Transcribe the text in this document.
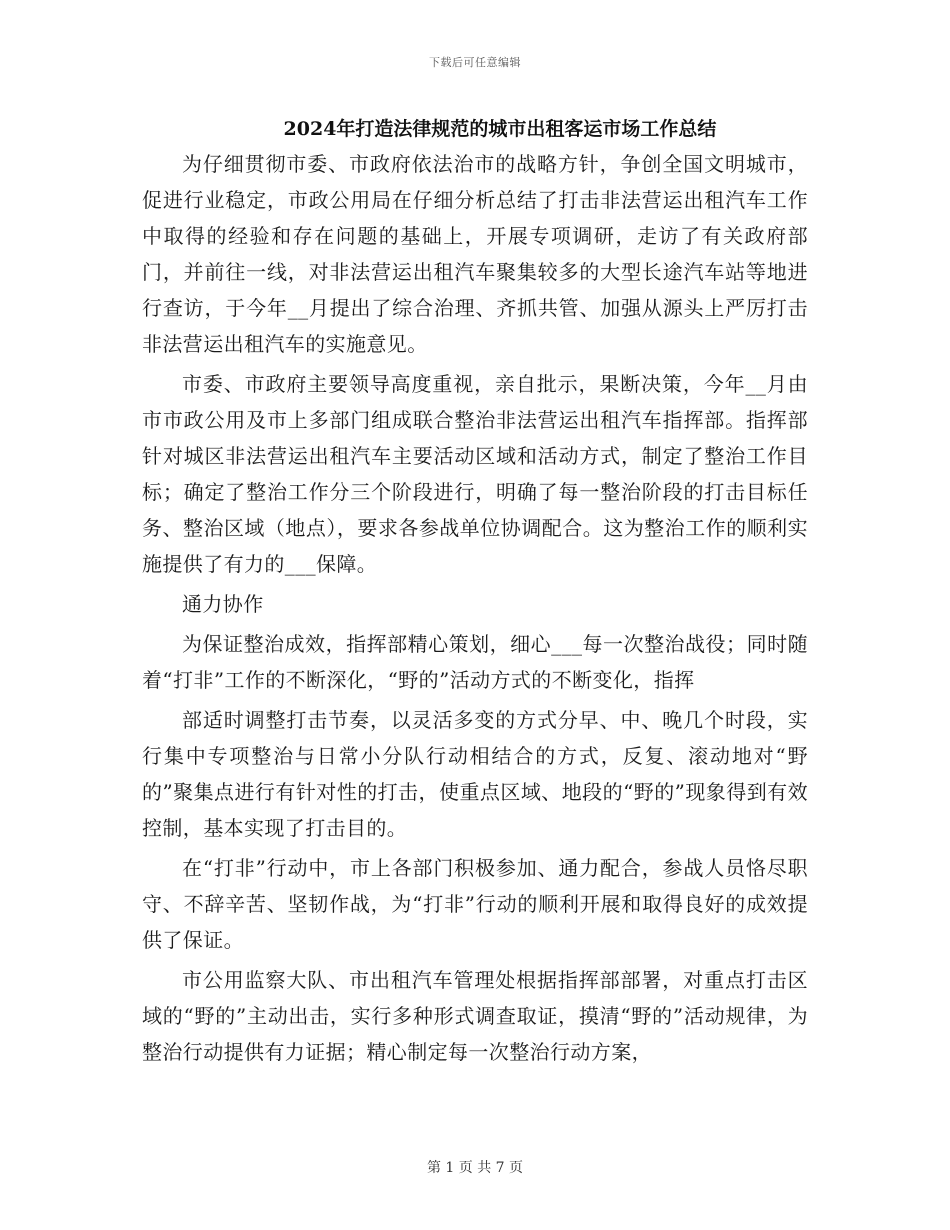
下载后可任意编辑
2024年打造法律规范的城市出租客运市场工作总结

为仔细贯彻市委、市政府依法治市的战略方针，争创全国文明城市，促进行业稳定，市政公用局在仔细分析总结了打击非法营运出租汽车工作中取得的经验和存在问题的基础上，开展专项调研，走访了有关政府部门，并前往一线，对非法营运出租汽车聚集较多的大型长途汽车站等地进行查访，于今年__月提出了综合治理、齐抓共管、加强从源头上严厉打击非法营运出租汽车的实施意见。

市委、市政府主要领导高度重视，亲自批示，果断决策，今年__月由市市政公用及市上多部门组成联合整治非法营运出租汽车指挥部。指挥部针对城区非法营运出租汽车主要活动区域和活动方式，制定了整治工作目标；确定了整治工作分三个阶段进行，明确了每一整治阶段的打击目标任务、整治区域（地点），要求各参战单位协调配合。这为整治工作的顺利实施提供了有力的___保障。

通力协作

为保证整治成效，指挥部精心策划，细心___每一次整治战役；同时随着“打非”工作的不断深化，“野的”活动方式的不断变化，指挥

部适时调整打击节奏，以灵活多变的方式分早、中、晚几个时段，实行集中专项整治与日常小分队行动相结合的方式，反复、滚动地对“野的”聚集点进行有针对性的打击，使重点区域、地段的“野的”现象得到有效控制，基本实现了打击目的。

在“打非”行动中，市上各部门积极参加、通力配合，参战人员恪尽职守、不辞辛苦、坚韧作战，为“打非”行动的顺利开展和取得良好的成效提供了保证。

市公用监察大队、市出租汽车管理处根据指挥部部署，对重点打击区域的“野的”主动出击，实行多种形式调查取证，摸清“野的”活动规律，为整治行动提供有力证据；精心制定每一次整治行动方案，

第 1 页 共 7 页
